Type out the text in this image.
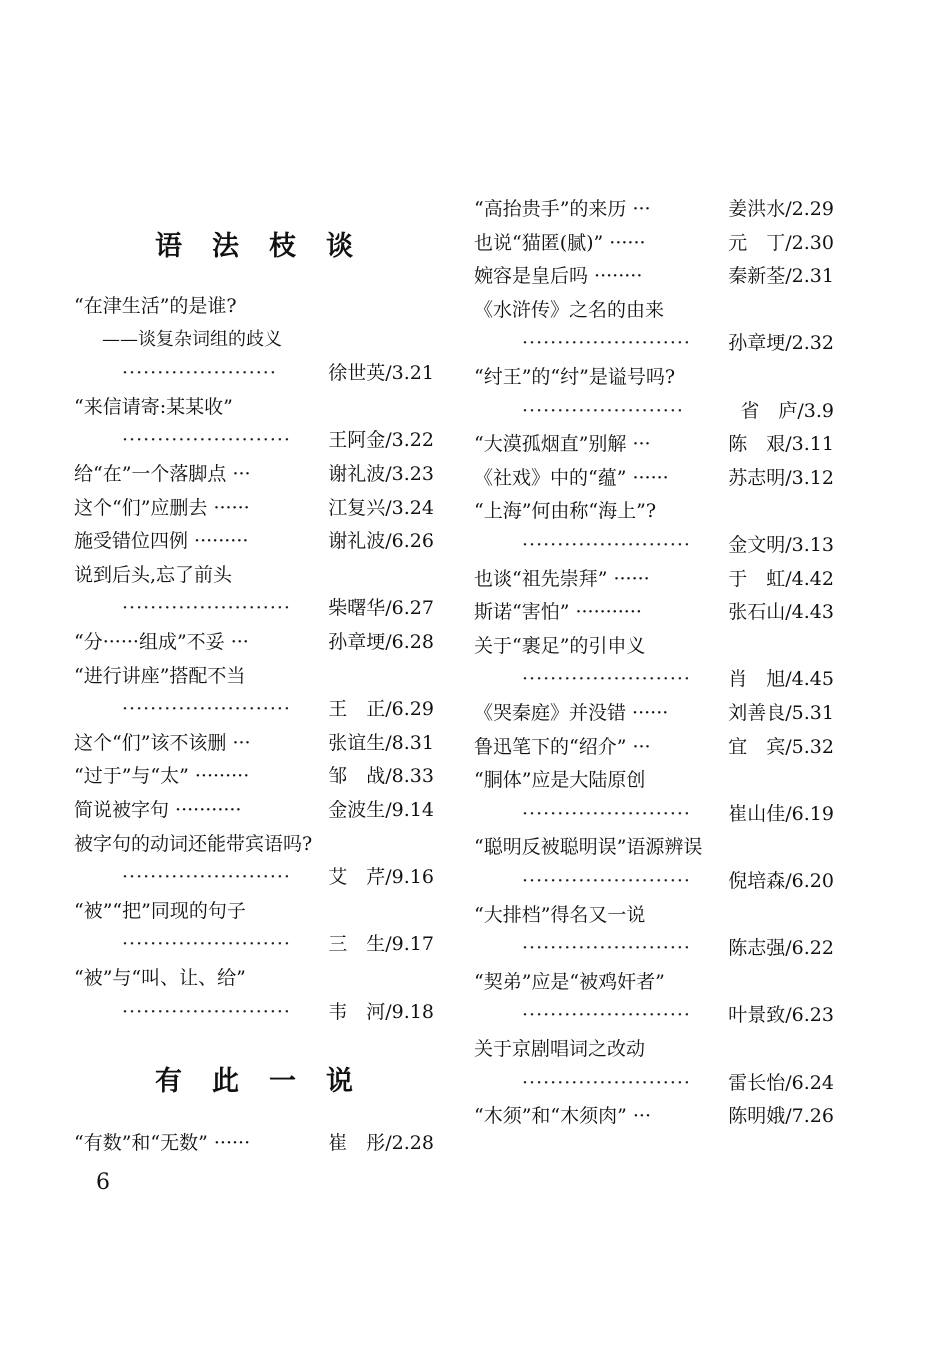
语法枝谈
“在津生活”的是谁?
——谈复杂词组的歧义
······················	徐世英/3.21
“来信请寄:某某收”
························ 王阿金/3.22
给“在”一个落脚点 ···	谢礼波/3.23
这个“们”应删去 ······	江复兴/3.24
施受错位四例 ·········	谢礼波/6.26
说到后头,忘了前头
························ 柴曙华/6.27
“分······组成”不妥 ···	孙章埂/6.28
“进行讲座”搭配不当
························ 王　正/6.29
这个“们”该不该删 ···	张谊生/8.31
“过于”与“太” ·········	邹　战/8.33
简说被字句 ···········	金波生/9.14
被字句的动词还能带宾语吗?
························ 艾　芹/9.16
“被”“把”同现的句子
························ 三　生/9.17
“被”与“叫、让、给”
························ 韦　河/9.18
有此一说
“有数”和“无数” ······	崔　彤/2.28
“高抬贵手”的来历 ···	姜洪水/2.29
也说“猫匿(腻)” ······	元　丁/2.30
婉容是皇后吗 ········	秦新荃/2.31
《水浒传》之名的由来
························ 孙章埂/2.32
“纣王”的“纣”是谥号吗?
·······················	省　庐/3.9
“大漠孤烟直”别解 ···	陈　艰/3.11
《社戏》中的“蕴” ······	苏志明/3.12
“上海”何由称“海上”?
························ 金文明/3.13
也谈“祖先崇拜” ······	于　虹/4.42
斯诺“害怕” ···········	张石山/4.43
关于“裹足”的引申义
························ 肖　旭/4.45
《哭秦庭》并没错 ······	刘善良/5.31
鲁迅笔下的“绍介” ···	宜　宾/5.32
“胴体”应是大陆原创
························ 崔山佳/6.19
“聪明反被聪明误”语源辨误
························ 倪培森/6.20
“大排档”得名又一说
························ 陈志强/6.22
“契弟”应是“被鸡奸者”
························ 叶景致/6.23
关于京剧唱词之改动
························ 雷长怡/6.24
“木须”和“木须肉” ···	陈明娥/7.26
6
